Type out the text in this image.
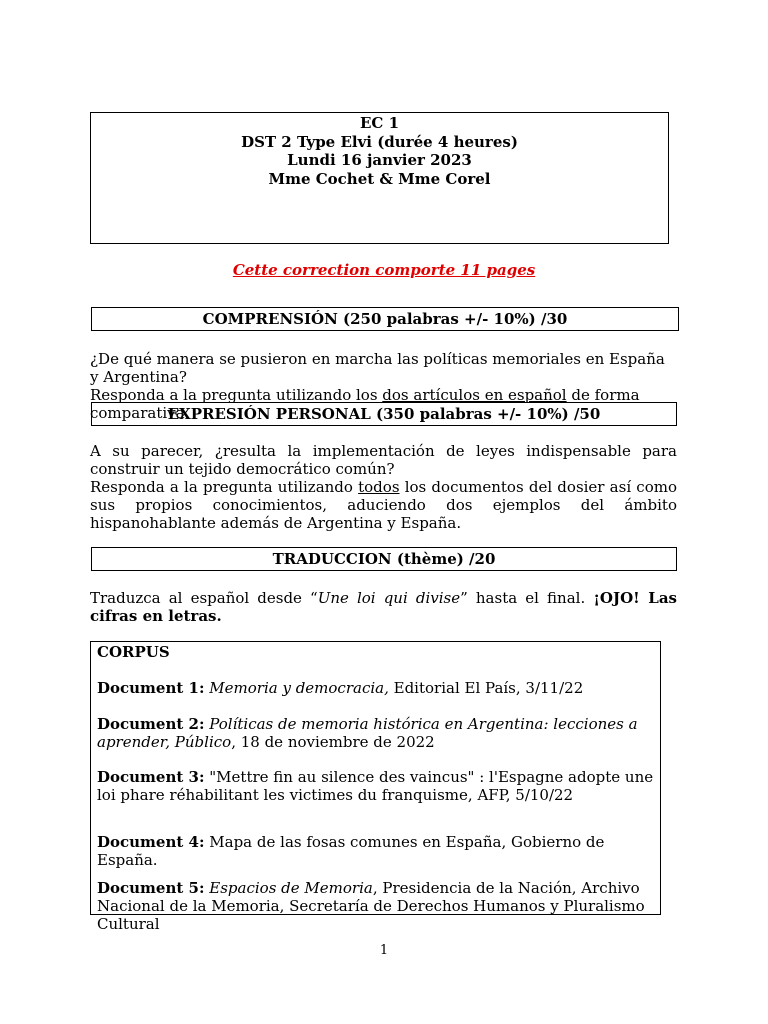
EC 1
DST 2 Type Elvi (durée 4 heures)
Lundi 16 janvier 2023
Mme Cochet & Mme Corel
Cette correction comporte 11 pages
COMPRENSIÓN (250 palabras +/- 10%) /30
¿De qué manera se pusieron en marcha las políticas memoriales en España y Argentina?
Responda a la pregunta utilizando los dos artículos en español de forma comparativa.
EXPRESIÓN PERSONAL (350 palabras +/- 10%) /50
A su parecer, ¿resulta la implementación de leyes indispensable para construir un tejido democrático común?
Responda a la pregunta utilizando todos los documentos del dosier así como sus propios conocimientos, aduciendo dos ejemplos del ámbito hispanohablante además de Argentina y España.
TRADUCCION (thème) /20
Traduzca al español desde “Une loi qui divise” hasta el final. ¡OJO! Las cifras en letras.
CORPUS
Document 1: Memoria y democracia, Editorial El País, 3/11/22
Document 2: Políticas de memoria histórica en Argentina: lecciones a aprender, Público, 18 de noviembre de 2022
Document 3: "Mettre fin au silence des vaincus" : l'Espagne adopte une loi phare réhabilitant les victimes du franquisme, AFP, 5/10/22
Document 4: Mapa de las fosas comunes en España, Gobierno de España.
Document 5: Espacios de Memoria, Presidencia de la Nación, Archivo Nacional de la Memoria, Secretaría de Derechos Humanos y Pluralismo Cultural
1
